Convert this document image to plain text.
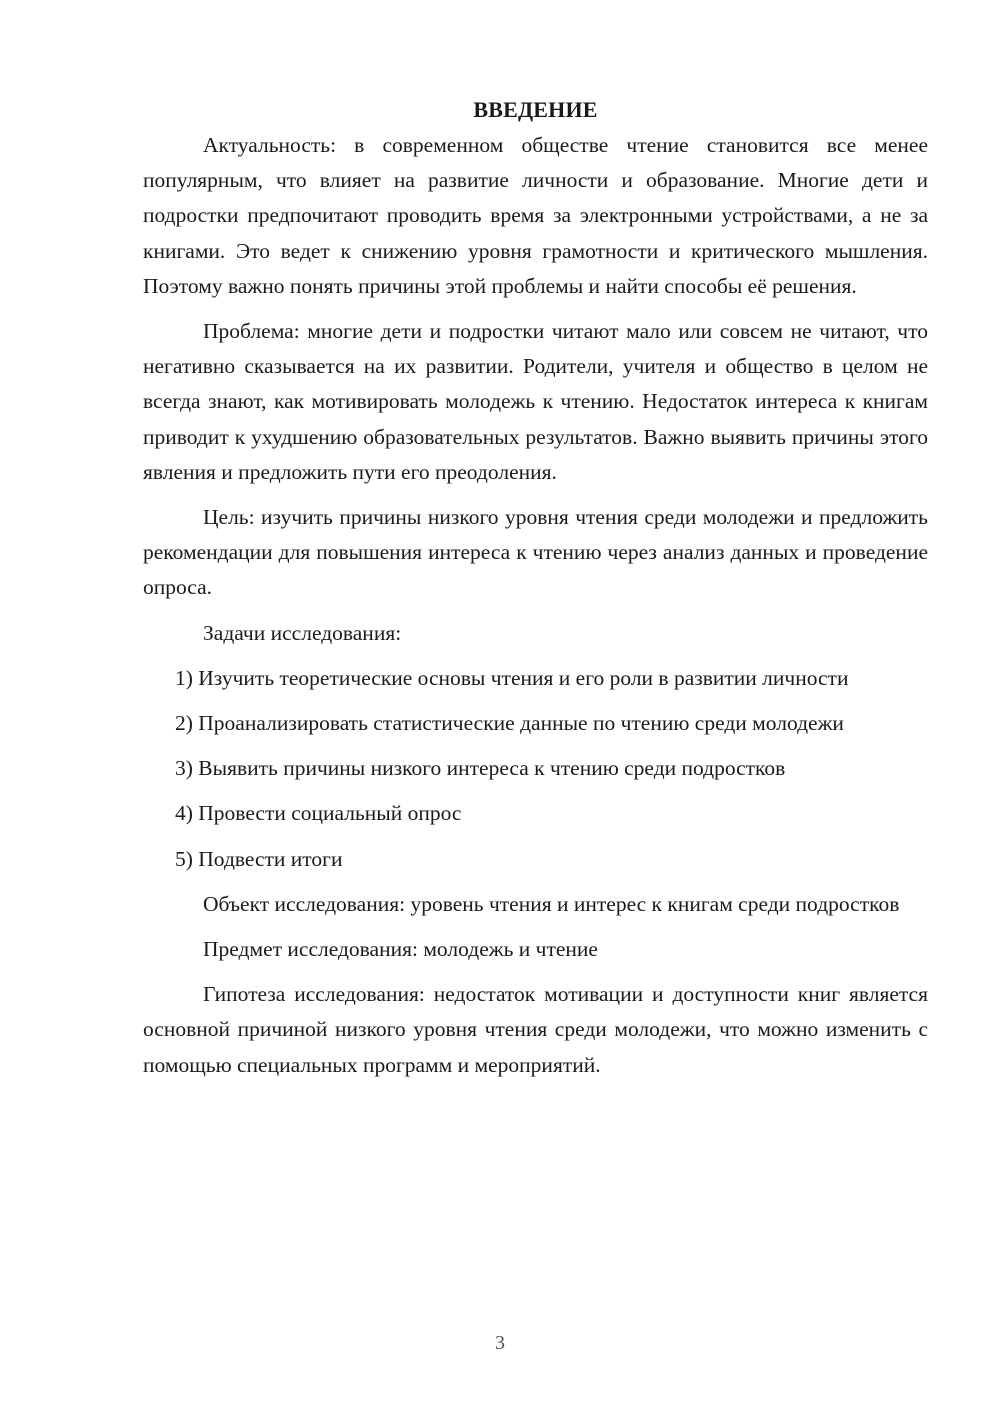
ВВЕДЕНИЕ

Актуальность: в современном обществе чтение становится все менее популярным, что влияет на развитие личности и образование. Многие дети и подростки предпочитают проводить время за электронными устройствами, а не за книгами. Это ведет к снижению уровня грамотности и критического мышления. Поэтому важно понять причины этой проблемы и найти способы её решения.

Проблема: многие дети и подростки читают мало или совсем не читают, что негативно сказывается на их развитии. Родители, учителя и общество в целом не всегда знают, как мотивировать молодежь к чтению. Недостаток интереса к книгам приводит к ухудшению образовательных результатов. Важно выявить причины этого явления и предложить пути его преодоления.

Цель: изучить причины низкого уровня чтения среди молодежи и предложить рекомендации для повышения интереса к чтению через анализ данных и проведение опроса.

Задачи исследования:

1) Изучить теоретические основы чтения и его роли в развитии личности

2) Проанализировать статистические данные по чтению среди молодежи

3) Выявить причины низкого интереса к чтению среди подростков

4) Провести социальный опрос

5) Подвести итоги

Объект исследования: уровень чтения и интерес к книгам среди подростков

Предмет исследования: молодежь и чтение

Гипотеза исследования: недостаток мотивации и доступности книг является основной причиной низкого уровня чтения среди молодежи, что можно изменить с помощью специальных программ и мероприятий.

3
